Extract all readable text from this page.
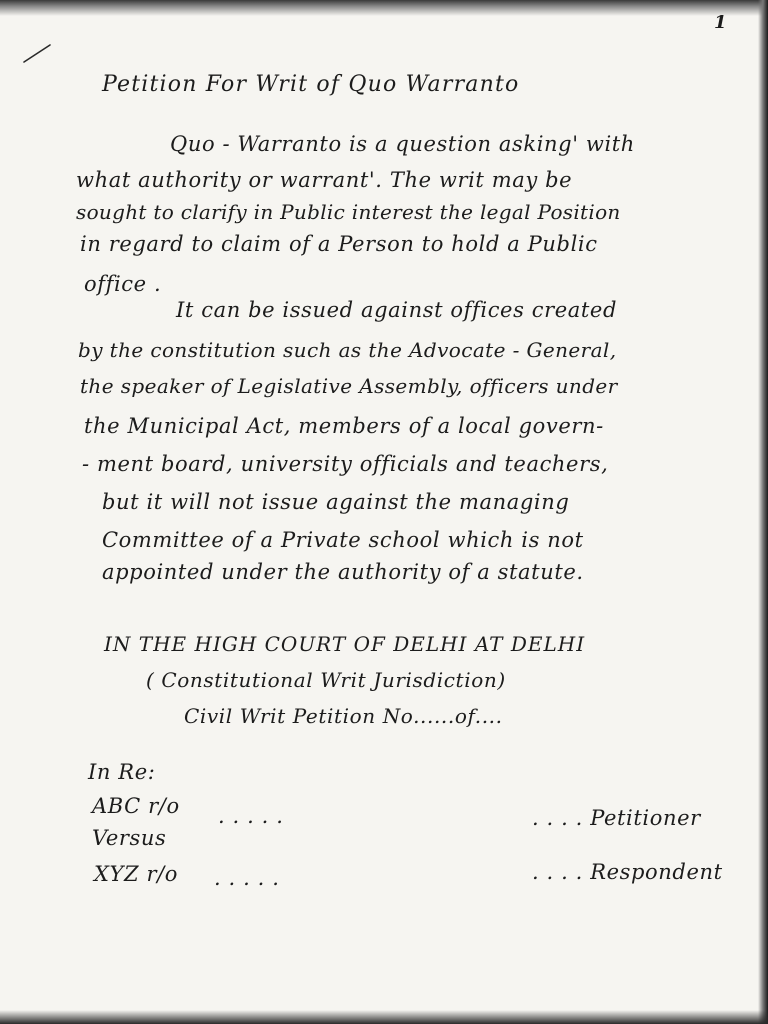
1
Petition For Writ of Quo Warranto
Quo - Warranto is a question asking' with
what authority or warrant'. The writ may be
sought to clarify in Public interest the legal Position
in regard to claim of a Person to hold a Public
office .
It can be issued against offices created
by the constitution such as the Advocate - General,
the speaker of Legislative Assembly, officers under
the Municipal Act, members of a local govern-
- ment board, university officials and teachers,
but it will not issue against the managing
Committee of a Private school which is not
appointed under the authority of a statute.
IN THE HIGH COURT OF DELHI AT DELHI
( Constitutional Writ Jurisdiction)
Civil Writ Petition No......of....
In Re:
ABC r/o . . . . .	. . . . Petitioner
Versus
XYZ r/o . . . . .	. . . . Respondent
